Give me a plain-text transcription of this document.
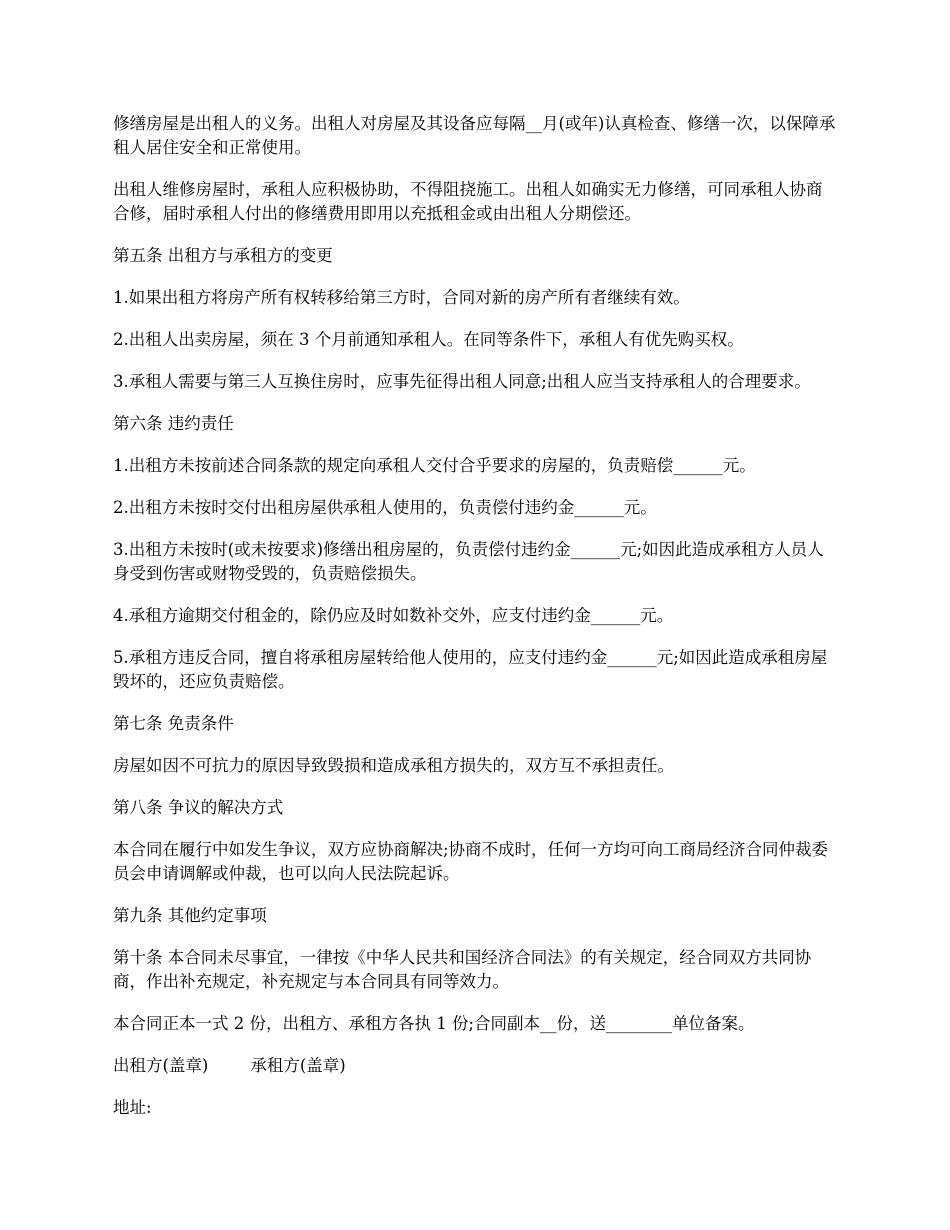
修缮房屋是出租人的义务。出租人对房屋及其设备应每隔__月(或年)认真检查、修缮一次，以保障承租人居住安全和正常使用。

出租人维修房屋时，承租人应积极协助，不得阻挠施工。出租人如确实无力修缮，可同承租人协商合修，届时承租人付出的修缮费用即用以充抵租金或由出租人分期偿还。

第五条 出租方与承租方的变更

1.如果出租方将房产所有权转移给第三方时，合同对新的房产所有者继续有效。

2.出租人出卖房屋，须在 3 个月前通知承租人。在同等条件下，承租人有优先购买权。

3.承租人需要与第三人互换住房时，应事先征得出租人同意;出租人应当支持承租人的合理要求。

第六条 违约责任

1.出租方未按前述合同条款的规定向承租人交付合乎要求的房屋的，负责赔偿______元。

2.出租方未按时交付出租房屋供承租人使用的，负责偿付违约金______元。

3.出租方未按时(或未按要求)修缮出租房屋的，负责偿付违约金______元;如因此造成承租方人员人身受到伤害或财物受毁的，负责赔偿损失。

4.承租方逾期交付租金的，除仍应及时如数补交外，应支付违约金______元。

5.承租方违反合同，擅自将承租房屋转给他人使用的，应支付违约金______元;如因此造成承租房屋毁坏的，还应负责赔偿。

第七条 免责条件

房屋如因不可抗力的原因导致毁损和造成承租方损失的，双方互不承担责任。

第八条 争议的解决方式

本合同在履行中如发生争议，双方应协商解决;协商不成时，任何一方均可向工商局经济合同仲裁委员会申请调解或仲裁，也可以向人民法院起诉。

第九条 其他约定事项

第十条 本合同未尽事宜，一律按《中华人民共和国经济合同法》的有关规定，经合同双方共同协商，作出补充规定，补充规定与本合同具有同等效力。

本合同正本一式 2 份，出租方、承租方各执 1 份;合同副本__份，送________单位备案。

出租方(盖章)        承租方(盖章)

地址:
